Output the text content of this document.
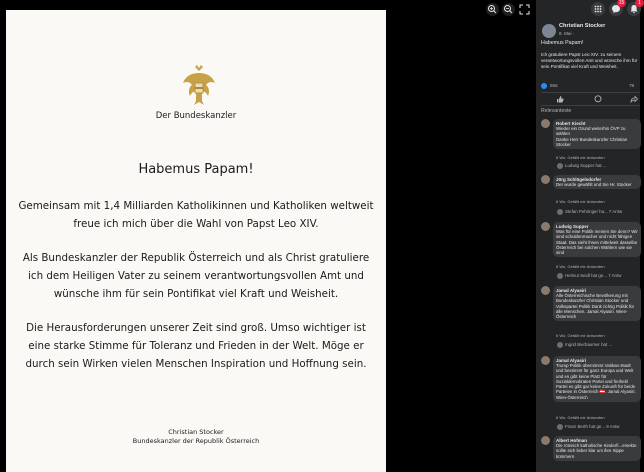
Der Bundeskanzler
Habemus Papam!
Gemeinsam mit 1,4 Milliarden Katholikinnen und Katholiken weltweit freue ich mich über die Wahl von Papst Leo XIV.
Als Bundeskanzler der Republik Österreich und als Christ gratuliere ich dem Heiligen Vater zu seinem verantwortungsvollen Amt und wünsche ihm für sein Pontifikat viel Kraft und Weisheit.
Die Herausforderungen unserer Zeit sind groß. Umso wichtiger ist eine starke Stimme für Toleranz und Frieden in der Welt. Möge er durch sein Wirken vielen Menschen Inspiration und Hoffnung sein.
Christian Stocker
Bundeskanzler der Republik Österreich
15	1
Christian Stocker
8. Mai ·
Habemus Papam!
Ich gratuliere Papst Leo XIV. zu seinem verantwortungsvollen Amt und wünsche ihm für sein Pontifikat viel Kraft und Weisheit.
556	79
Relevanteste
Robert Kiecht
Wieder ein Grund weiterhin ÖVP zu wählen
Danke Herr Bundeskanzler Christian Stocker
6 Wo. Gefällt mir Antworten
Ludwig Supper hat ...
Jörg Schlögelsdorfer
Der wurde gewählt und Sie Hr. Stocker
6 Wo. Gefällt mir Antworten
Stefan Pehringer ha... 7 Antw
Ludwig Supper
Was für eine Politik meinen Sie denn? Wir sind schuldenmacher und nicht fähigen Staat. Das sieht ihnen mittelweit dasselbe Österreich bei solchen Wählern wie sie sind
6 Wo. Gefällt mir Antworten
Helmut Seidl hat ge... 7 Antw
Jamal Alyasiri
Alle Österreichische Bevölkerung mit Bundeskanzler Christian Stocker und Volkspartei Politik Dank richtig Politik für alle Menschen. Jamal Alyasiri. Wien-Österreich
6 Wo. Gefällt mir Antworten
Ingrid Bierbaumer hat ...
Jamal Alyasiri
Trump Politik übernimmt Vatikan-Stadt und bestimmt für ganz Europa und Welt und es gibt keine Platz für Sozialdemokraten Partei und freiheitl Partei es gibt gar keine Zukunft für beide Parteien in Österreich 🇦🇹. Jamal Alyasiri. Wien-Österreich
6 Wo. Gefällt mir Antworten
Franz Berth hat ge... 9 Antw
Albert Hofman
Die römisch katholische Kinderfi...ersekte sollte sich lieber klar um ihre Sippe kümmern
